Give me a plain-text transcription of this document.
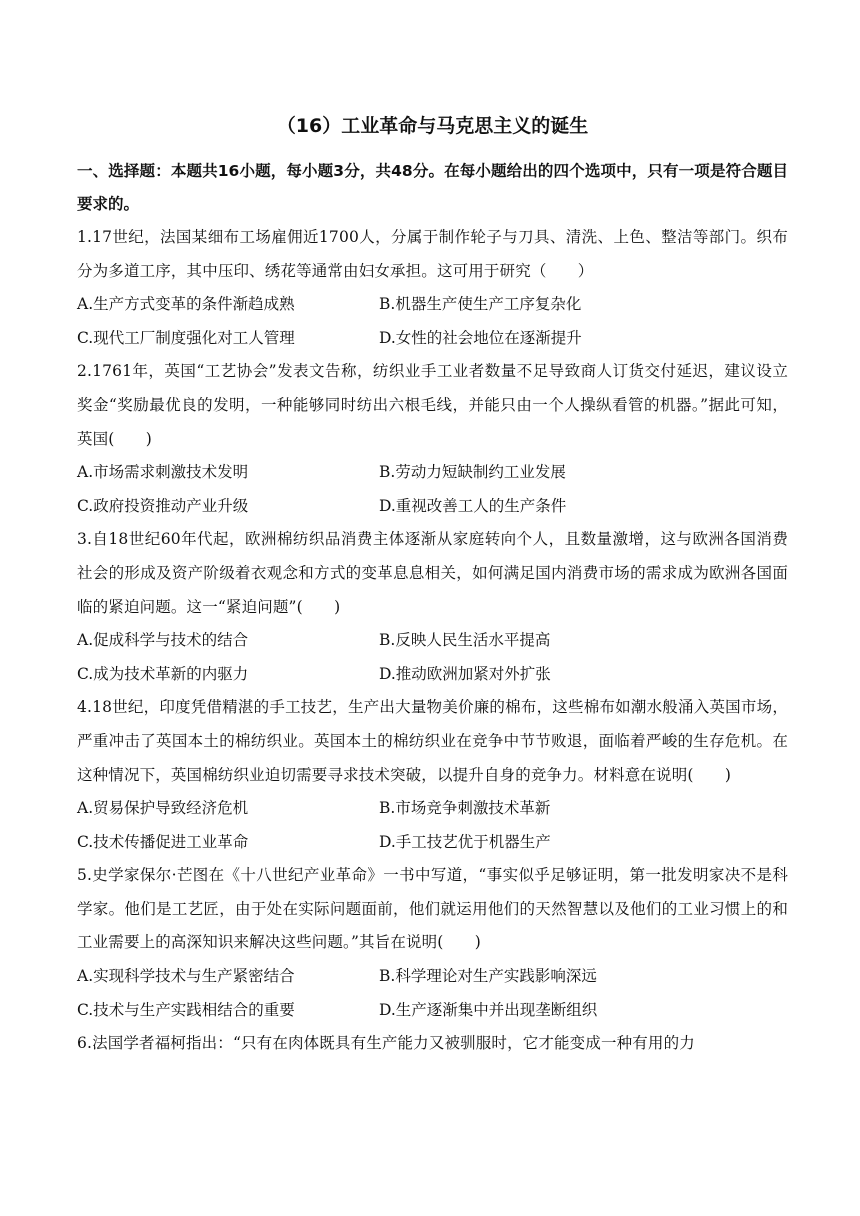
（16）工业革命与马克思主义的诞生

一、选择题：本题共16小题，每小题3分，共48分。在每小题给出的四个选项中，只有一项是符合题目要求的。

1.17世纪，法国某细布工场雇佣近1700人，分属于制作轮子与刀具、清洗、上色、整洁等部门。织布分为多道工序，其中压印、绣花等通常由妇女承担。这可用于研究（　　）

A.生产方式变革的条件渐趋成熟	B.机器生产使生产工序复杂化
C.现代工厂制度强化对工人管理	D.女性的社会地位在逐渐提升

2.1761年，英国“工艺协会”发表文告称，纺织业手工业者数量不足导致商人订货交付延迟，建议设立奖金“奖励最优良的发明，一种能够同时纺出六根毛线，并能只由一个人操纵看管的机器。”据此可知，英国(　　)

A.市场需求刺激技术发明	B.劳动力短缺制约工业发展
C.政府投资推动产业升级	D.重视改善工人的生产条件

3.自18世纪60年代起，欧洲棉纺织品消费主体逐渐从家庭转向个人，且数量激增，这与欧洲各国消费社会的形成及资产阶级着衣观念和方式的变革息息相关，如何满足国内消费市场的需求成为欧洲各国面临的紧迫问题。这一“紧迫问题”(　　)

A.促成科学与技术的结合	B.反映人民生活水平提高
C.成为技术革新的内驱力	D.推动欧洲加紧对外扩张

4.18世纪，印度凭借精湛的手工技艺，生产出大量物美价廉的棉布，这些棉布如潮水般涌入英国市场，严重冲击了英国本土的棉纺织业。英国本土的棉纺织业在竞争中节节败退，面临着严峻的生存危机。在这种情况下，英国棉纺织业迫切需要寻求技术突破，以提升自身的竞争力。材料意在说明(　　)

A.贸易保护导致经济危机	B.市场竞争刺激技术革新
C.技术传播促进工业革命	D.手工技艺优于机器生产

5.史学家保尔·芒图在《十八世纪产业革命》一书中写道，“事实似乎足够证明，第一批发明家决不是科学家。他们是工艺匠，由于处在实际问题面前，他们就运用他们的天然智慧以及他们的工业习惯上的和工业需要上的高深知识来解决这些问题。”其旨在说明(　　)

A.实现科学技术与生产紧密结合	B.科学理论对生产实践影响深远
C.技术与生产实践相结合的重要	D.生产逐渐集中并出现垄断组织

6.法国学者福柯指出：“只有在肉体既具有生产能力又被驯服时，它才能变成一种有用的力
